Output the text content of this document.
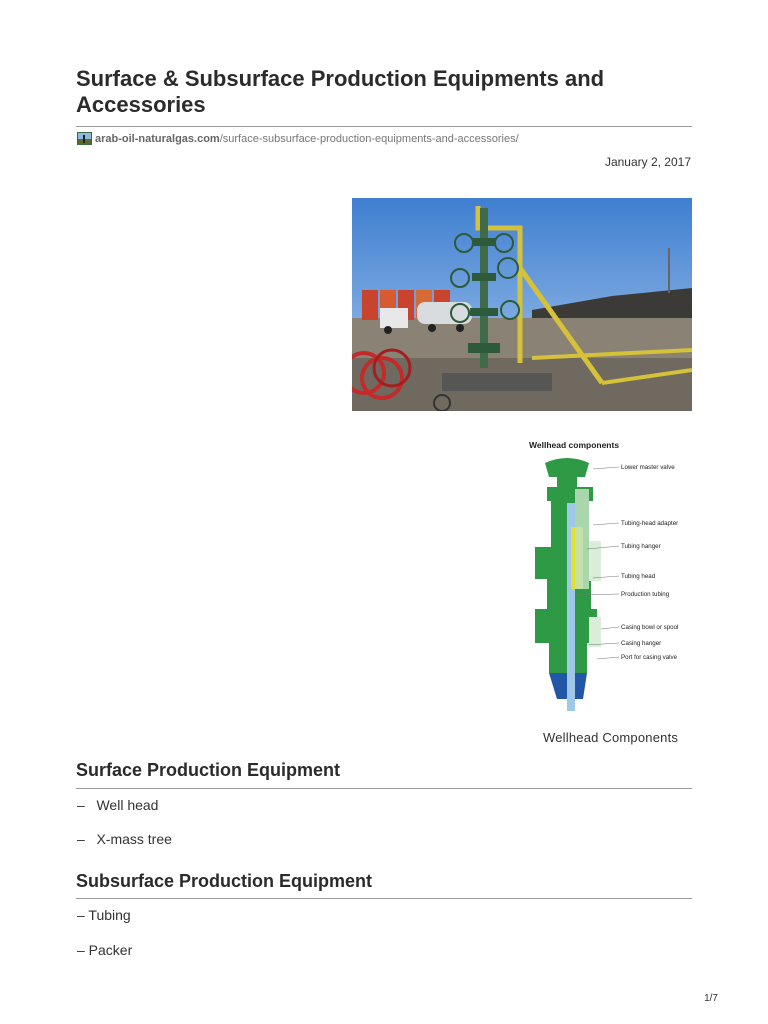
Surface & Subsurface Production Equipments and Accessories
arab-oil-naturalgas.com /surface-subsurface-production-equipments-and-accessories/
January 2, 2017
Wellhead components
Lower master valve
Tubing-head adapter
Tubing hanger
Tubing head
Production tubing
Casing bowl or spool
Casing hanger
Port for casing valve
Wellhead Components
Surface Production Equipment
–   Well head
–   X-mass tree
Subsurface Production Equipment
– Tubing
– Packer
1/7
